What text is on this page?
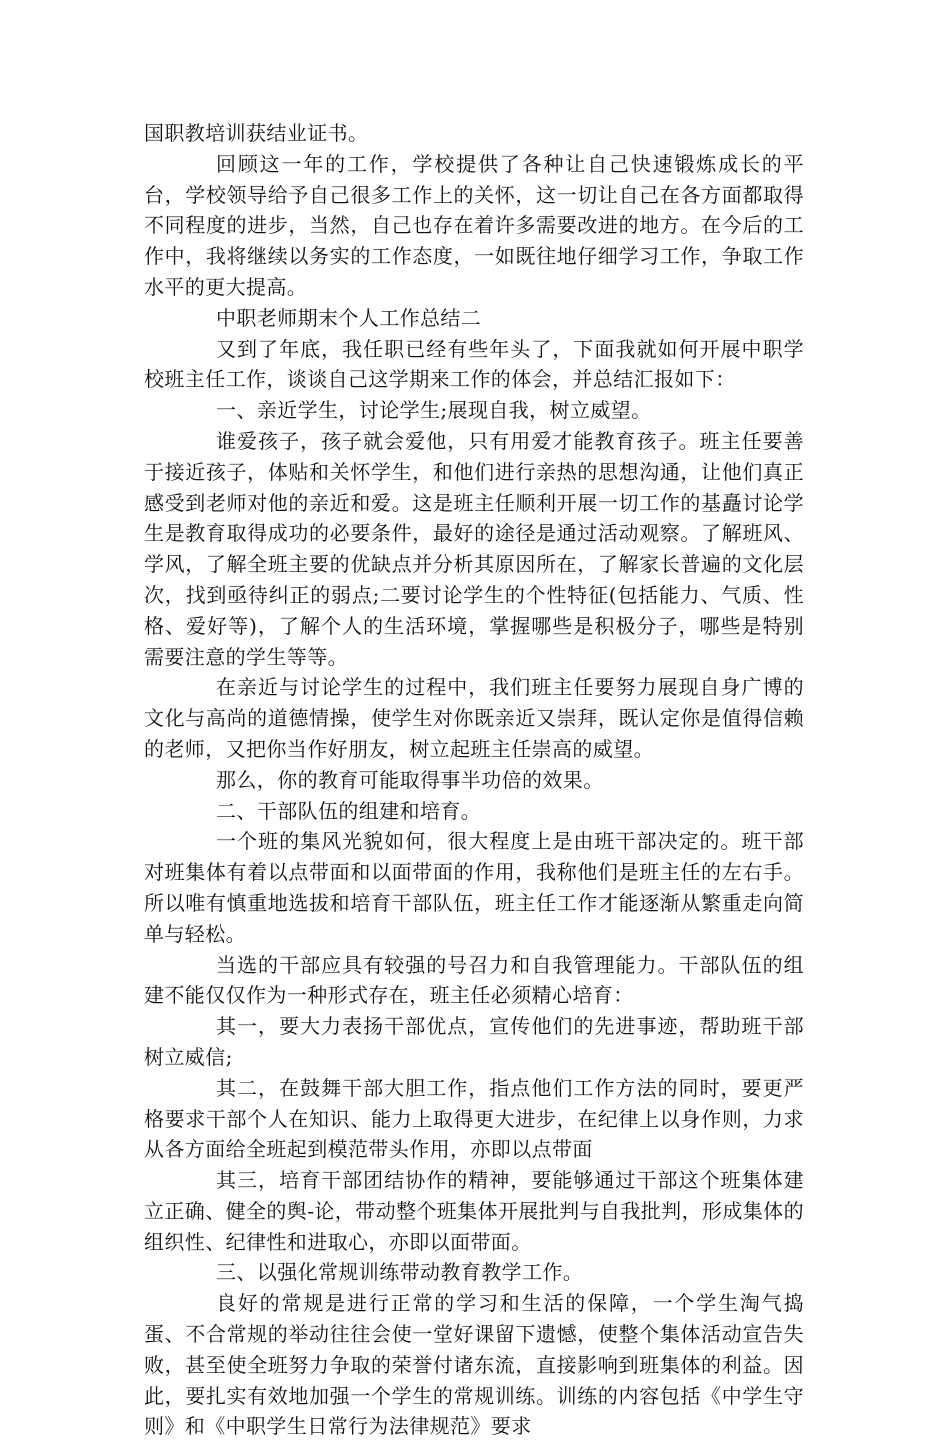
国职教培训获结业证书。

回顾这一年的工作，学校提供了各种让自己快速锻炼成长的平台，学校领导给予自己很多工作上的关怀，这一切让自己在各方面都取得不同程度的进步，当然，自己也存在着许多需要改进的地方。在今后的工作中，我将继续以务实的工作态度，一如既往地仔细学习工作，争取工作水平的更大提高。

中职老师期末个人工作总结二

又到了年底，我任职已经有些年头了，下面我就如何开展中职学校班主任工作，谈谈自己这学期来工作的体会，并总结汇报如下：

一、亲近学生，讨论学生;展现自我，树立威望。

谁爱孩子，孩子就会爱他，只有用爱才能教育孩子。班主任要善于接近孩子，体贴和关怀学生，和他们进行亲热的思想沟通，让他们真正感受到老师对他的亲近和爱。这是班主任顺利开展一切工作的基矗讨论学生是教育取得成功的必要条件，最好的途径是通过活动观察。了解班风、学风，了解全班主要的优缺点并分析其原因所在，了解家长普遍的文化层次，找到亟待纠正的弱点;二要讨论学生的个性特征(包括能力、气质、性格、爱好等)，了解个人的生活环境，掌握哪些是积极分子，哪些是特别需要注意的学生等等。

在亲近与讨论学生的过程中，我们班主任要努力展现自身广博的文化与高尚的道德情操，使学生对你既亲近又崇拜，既认定你是值得信赖的老师，又把你当作好朋友，树立起班主任崇高的威望。

那么，你的教育可能取得事半功倍的效果。

二、干部队伍的组建和培育。

一个班的集风光貌如何，很大程度上是由班干部决定的。班干部对班集体有着以点带面和以面带面的作用，我称他们是班主任的左右手。所以唯有慎重地选拔和培育干部队伍，班主任工作才能逐渐从繁重走向简单与轻松。

当选的干部应具有较强的号召力和自我管理能力。干部队伍的组建不能仅仅作为一种形式存在，班主任必须精心培育：

其一，要大力表扬干部优点，宣传他们的先进事迹，帮助班干部树立威信;

其二，在鼓舞干部大胆工作，指点他们工作方法的同时，要更严格要求干部个人在知识、能力上取得更大进步，在纪律上以身作则，力求从各方面给全班起到模范带头作用，亦即以点带面

其三，培育干部团结协作的精神，要能够通过干部这个班集体建立正确、健全的舆-论，带动整个班集体开展批判与自我批判，形成集体的组织性、纪律性和进取心，亦即以面带面。

三、以强化常规训练带动教育教学工作。

良好的常规是进行正常的学习和生活的保障，一个学生淘气捣蛋、不合常规的举动往往会使一堂好课留下遗憾，使整个集体活动宣告失败，甚至使全班努力争取的荣誉付诸东流，直接影响到班集体的利益。因此，要扎实有效地加强一个学生的常规训练。训练的内容包括《中学生守则》和《中职学生日常行为法律规范》要求
